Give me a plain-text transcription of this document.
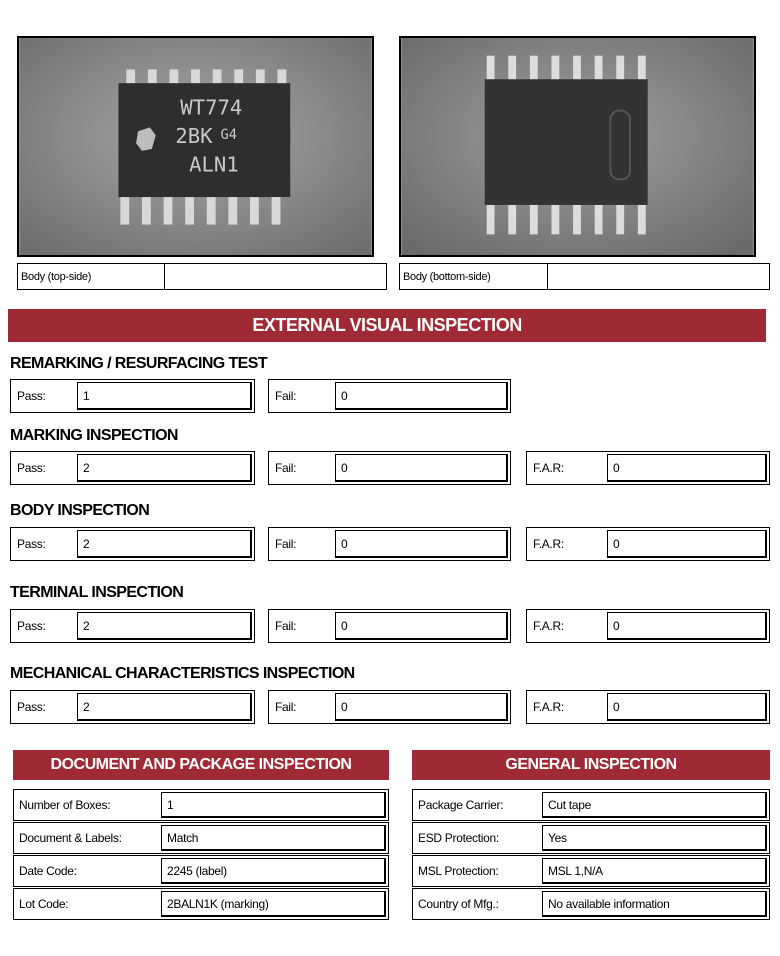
WT774
2BK G4
ALN1
Body (top-side)	Body (bottom-side)
EXTERNAL VISUAL INSPECTION
REMARKING / RESURFACING TEST
Pass:	1	Fail:	0
MARKING INSPECTION
Pass:	2	Fail:	0	F.A.R:	0
BODY INSPECTION
Pass:	2	Fail:	0	F.A.R:	0
TERMINAL INSPECTION
Pass:	2	Fail:	0	F.A.R:	0
MECHANICAL CHARACTERISTICS INSPECTION
Pass:	2	Fail:	0	F.A.R:	0
DOCUMENT AND PACKAGE INSPECTION	GENERAL INSPECTION
Number of Boxes:	1
Document & Labels:	Match
Date Code:	2245 (label)
Lot Code:	2BALN1K (marking)
Package Carrier:	Cut tape
ESD Protection:	Yes
MSL Protection:	MSL 1,N/A
Country of Mfg.:	No available information
